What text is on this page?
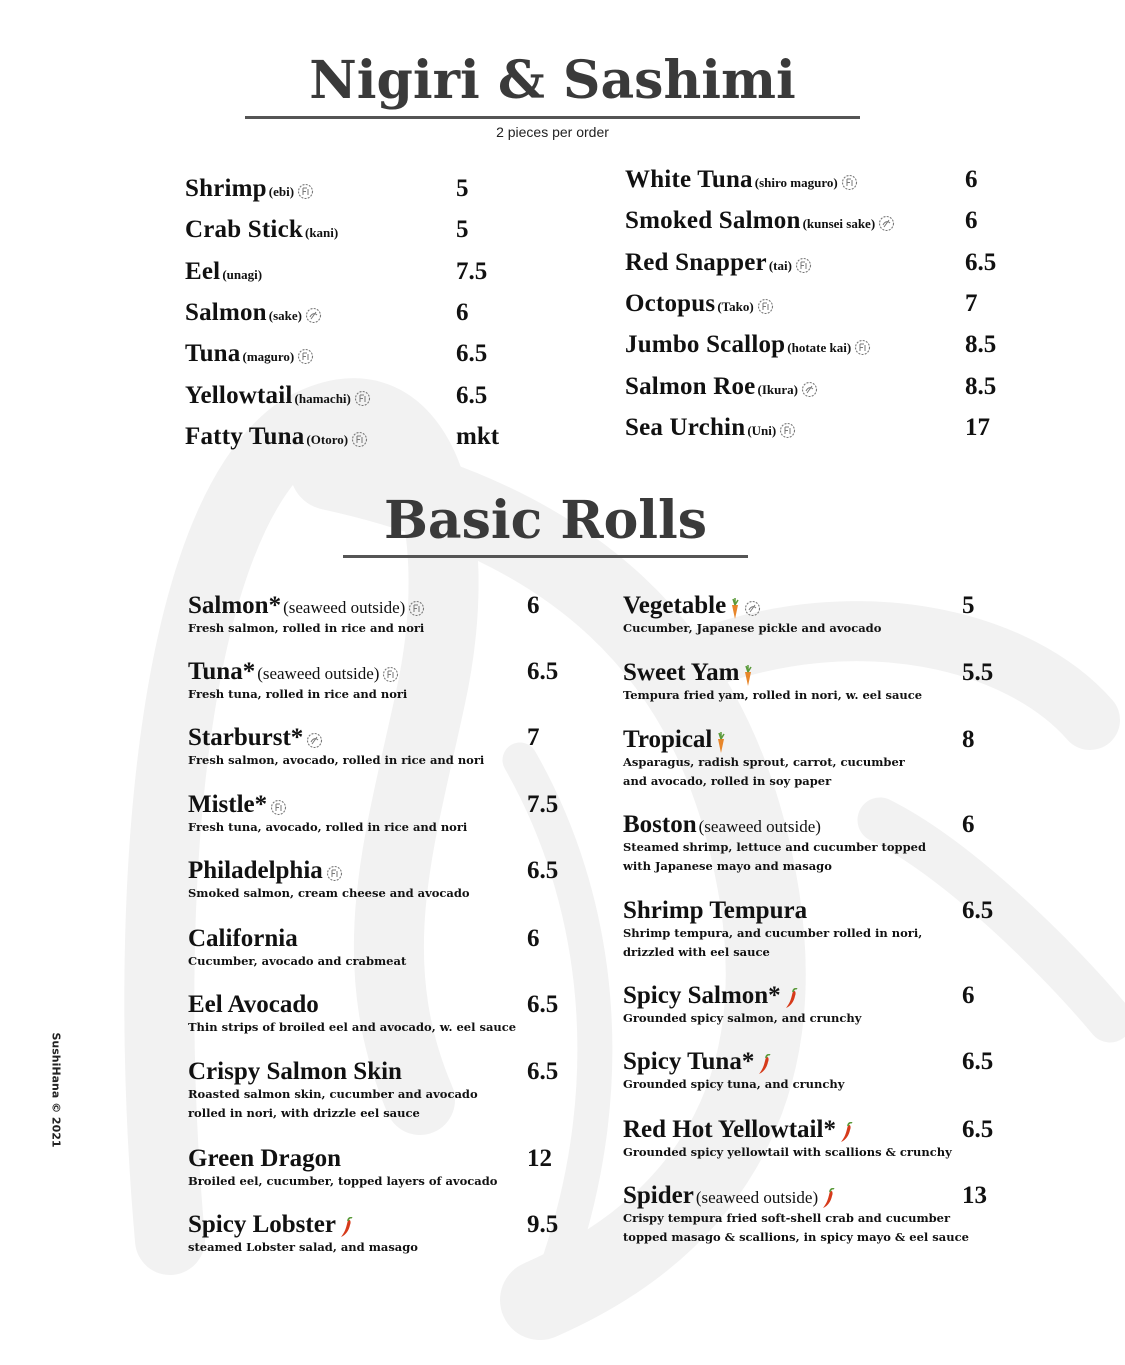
Nigiri & Sashimi
2 pieces per order
Shrimp (ebi)	5
Crab Stick (kani)	5
Eel (unagi)	7.5
Salmon (sake)	6
Tuna (maguro)	6.5
Yellowtail (hamachi)	6.5
Fatty Tuna (Otoro)	mkt
White Tuna (shiro maguro)	6
Smoked Salmon (kunsei sake)	6
Red Snapper (tai)	6.5
Octopus (Tako)	7
Jumbo Scallop (hotate kai)	8.5
Salmon Roe (Ikura)	8.5
Sea Urchin (Uni)	17
Basic Rolls
Salmon* (seaweed outside)	6
Fresh salmon, rolled in rice and nori
Tuna* (seaweed outside)	6.5
Fresh tuna, rolled in rice and nori
Starburst*	7
Fresh salmon, avocado, rolled in rice and nori
Mistle*	7.5
Fresh tuna, avocado, rolled in rice and nori
Philadelphia	6.5
Smoked salmon, cream cheese and avocado
California	6
Cucumber, avocado and crabmeat
Eel Avocado	6.5
Thin strips of broiled eel and avocado, w. eel sauce
Crispy Salmon Skin	6.5
Roasted salmon skin, cucumber and avocado
rolled in nori, with drizzle eel sauce
Green Dragon	12
Broiled eel, cucumber, topped layers of avocado
Spicy Lobster	9.5
steamed Lobster salad, and masago
Vegetable	5
Cucumber, Japanese pickle and avocado
Sweet Yam	5.5
Tempura fried yam, rolled in nori, w. eel sauce
Tropical	8
Asparagus, radish sprout, carrot, cucumber
and avocado, rolled in soy paper
Boston (seaweed outside)	6
Steamed shrimp, lettuce and cucumber topped
with Japanese mayo and masago
Shrimp Tempura	6.5
Shrimp tempura, and cucumber rolled in nori,
drizzled with eel sauce
Spicy Salmon*	6
Grounded spicy salmon, and crunchy
Spicy Tuna*	6.5
Grounded spicy tuna, and crunchy
Red Hot Yellowtail*	6.5
Grounded spicy yellowtail with scallions & crunchy
Spider (seaweed outside)	13
Crispy tempura fried soft-shell crab and cucumber
topped masago & scallions, in spicy mayo & eel sauce
SushiHana © 2021
